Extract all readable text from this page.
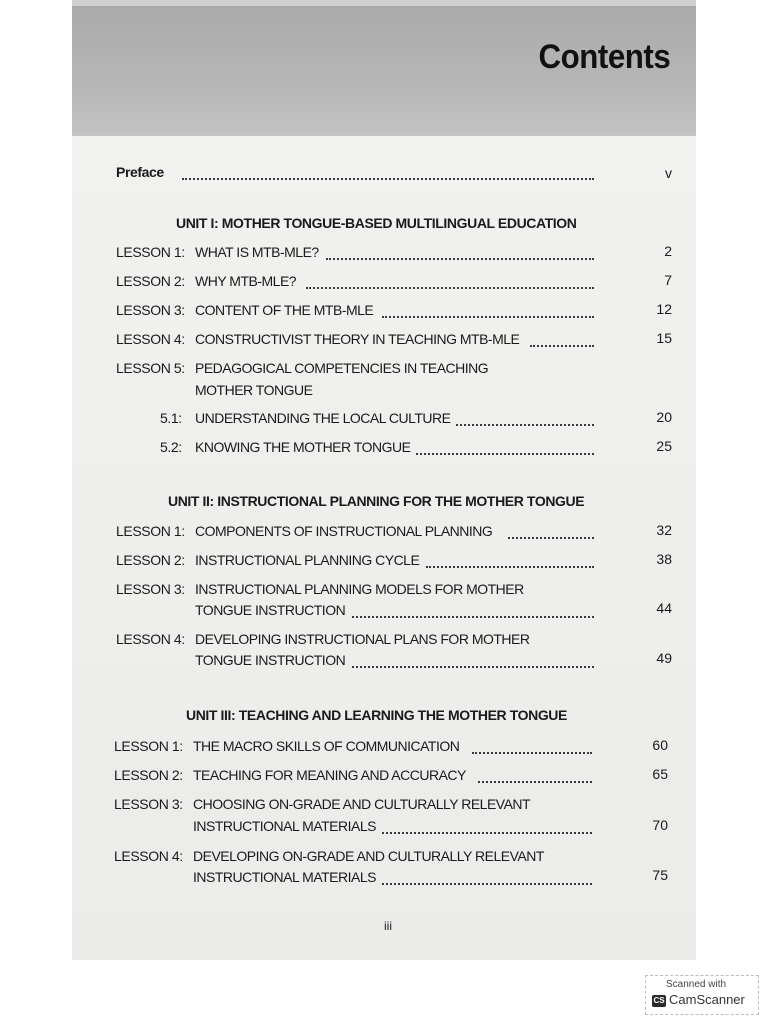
Contents
Preface	v
UNIT I: MOTHER TONGUE-BASED MULTILINGUAL EDUCATION
LESSON 1: WHAT IS MTB-MLE?	2
LESSON 2: WHY MTB-MLE?	7
LESSON 3: CONTENT OF THE MTB-MLE	12
LESSON 4: CONSTRUCTIVIST THEORY IN TEACHING MTB-MLE	15
LESSON 5: PEDAGOGICAL COMPETENCIES IN TEACHING
MOTHER TONGUE
5.1: UNDERSTANDING THE LOCAL CULTURE	20
5.2: KNOWING THE MOTHER TONGUE	25
UNIT II: INSTRUCTIONAL PLANNING FOR THE MOTHER TONGUE
LESSON 1: COMPONENTS OF INSTRUCTIONAL PLANNING	32
LESSON 2: INSTRUCTIONAL PLANNING CYCLE	38
LESSON 3: INSTRUCTIONAL PLANNING MODELS FOR MOTHER
TONGUE INSTRUCTION	44
LESSON 4: DEVELOPING INSTRUCTIONAL PLANS FOR MOTHER
TONGUE INSTRUCTION	49
UNIT III: TEACHING AND LEARNING THE MOTHER TONGUE
LESSON 1: THE MACRO SKILLS OF COMMUNICATION	60
LESSON 2: TEACHING FOR MEANING AND ACCURACY	65
LESSON 3: CHOOSING ON-GRADE AND CULTURALLY RELEVANT
INSTRUCTIONAL MATERIALS	70
LESSON 4: DEVELOPING ON-GRADE AND CULTURALLY RELEVANT
INSTRUCTIONAL MATERIALS	75
iii
Scanned with
CS CamScanner
